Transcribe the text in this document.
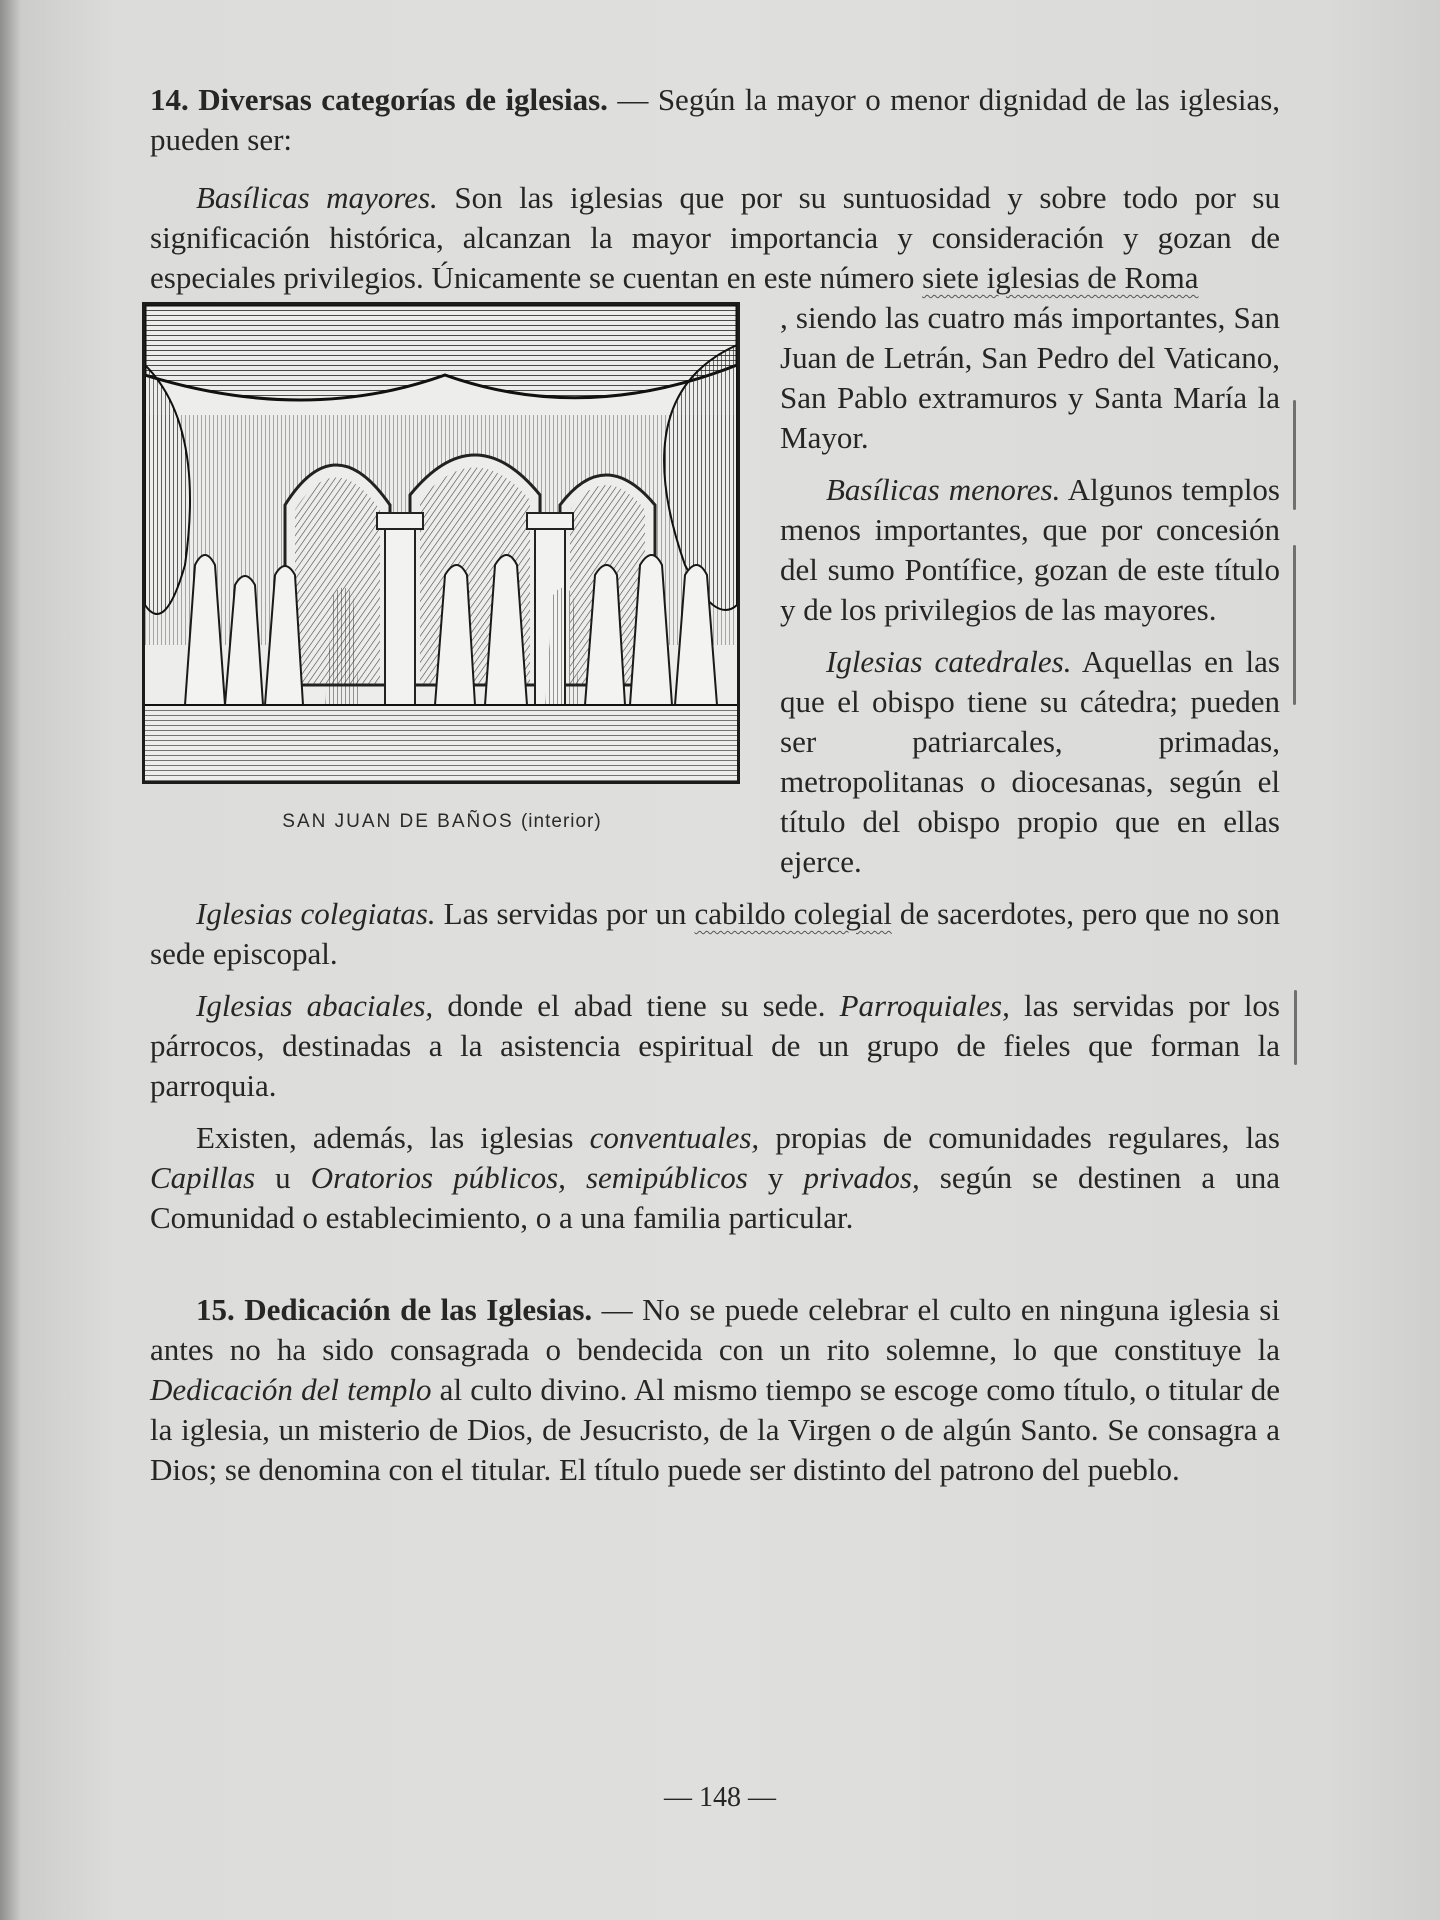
14. Diversas categorías de iglesias. — Según la mayor o menor dignidad de las iglesias, pueden ser:

Basílicas mayores. Son las iglesias que por su suntuosidad y sobre todo por su significación histórica, alcanzan la mayor importancia y consideración y gozan de especiales privilegios. Únicamente se cuentan en este número siete iglesias de Roma

SAN JUAN DE BAÑOS (interior)

, siendo las cuatro más importantes, San Juan de Letrán, San Pedro del Vaticano, San Pablo extramuros y Santa María la Mayor.

Basílicas menores. Algunos templos menos importantes, que por concesión del sumo Pontífice, gozan de este título y de los privilegios de las mayores.

Iglesias catedrales. Aquellas en las que el obispo tiene su cátedra; pueden ser patriarcales, primadas, metropolitanas o diocesanas, según el título del obispo propio que en ellas ejerce.

Iglesias colegiatas. Las servidas por un cabildo colegial de sacerdotes, pero que no son sede episcopal.

Iglesias abaciales, donde el abad tiene su sede. Parroquiales, las servidas por los párrocos, destinadas a la asistencia espiritual de un grupo de fieles que forman la parroquia.

Existen, además, las iglesias conventuales, propias de comunidades regulares, las Capillas u Oratorios públicos, semipúblicos y privados, según se destinen a una Comunidad o establecimiento, o a una familia particular.

15. Dedicación de las Iglesias. — No se puede celebrar el culto en ninguna iglesia si antes no ha sido consagrada o bendecida con un rito solemne, lo que constituye la Dedicación del templo al culto divino. Al mismo tiempo se escoge como título, o titular de la iglesia, un misterio de Dios, de Jesucristo, de la Virgen o de algún Santo. Se consagra a Dios; se denomina con el titular. El título puede ser distinto del patrono del pueblo.

— 148 —
